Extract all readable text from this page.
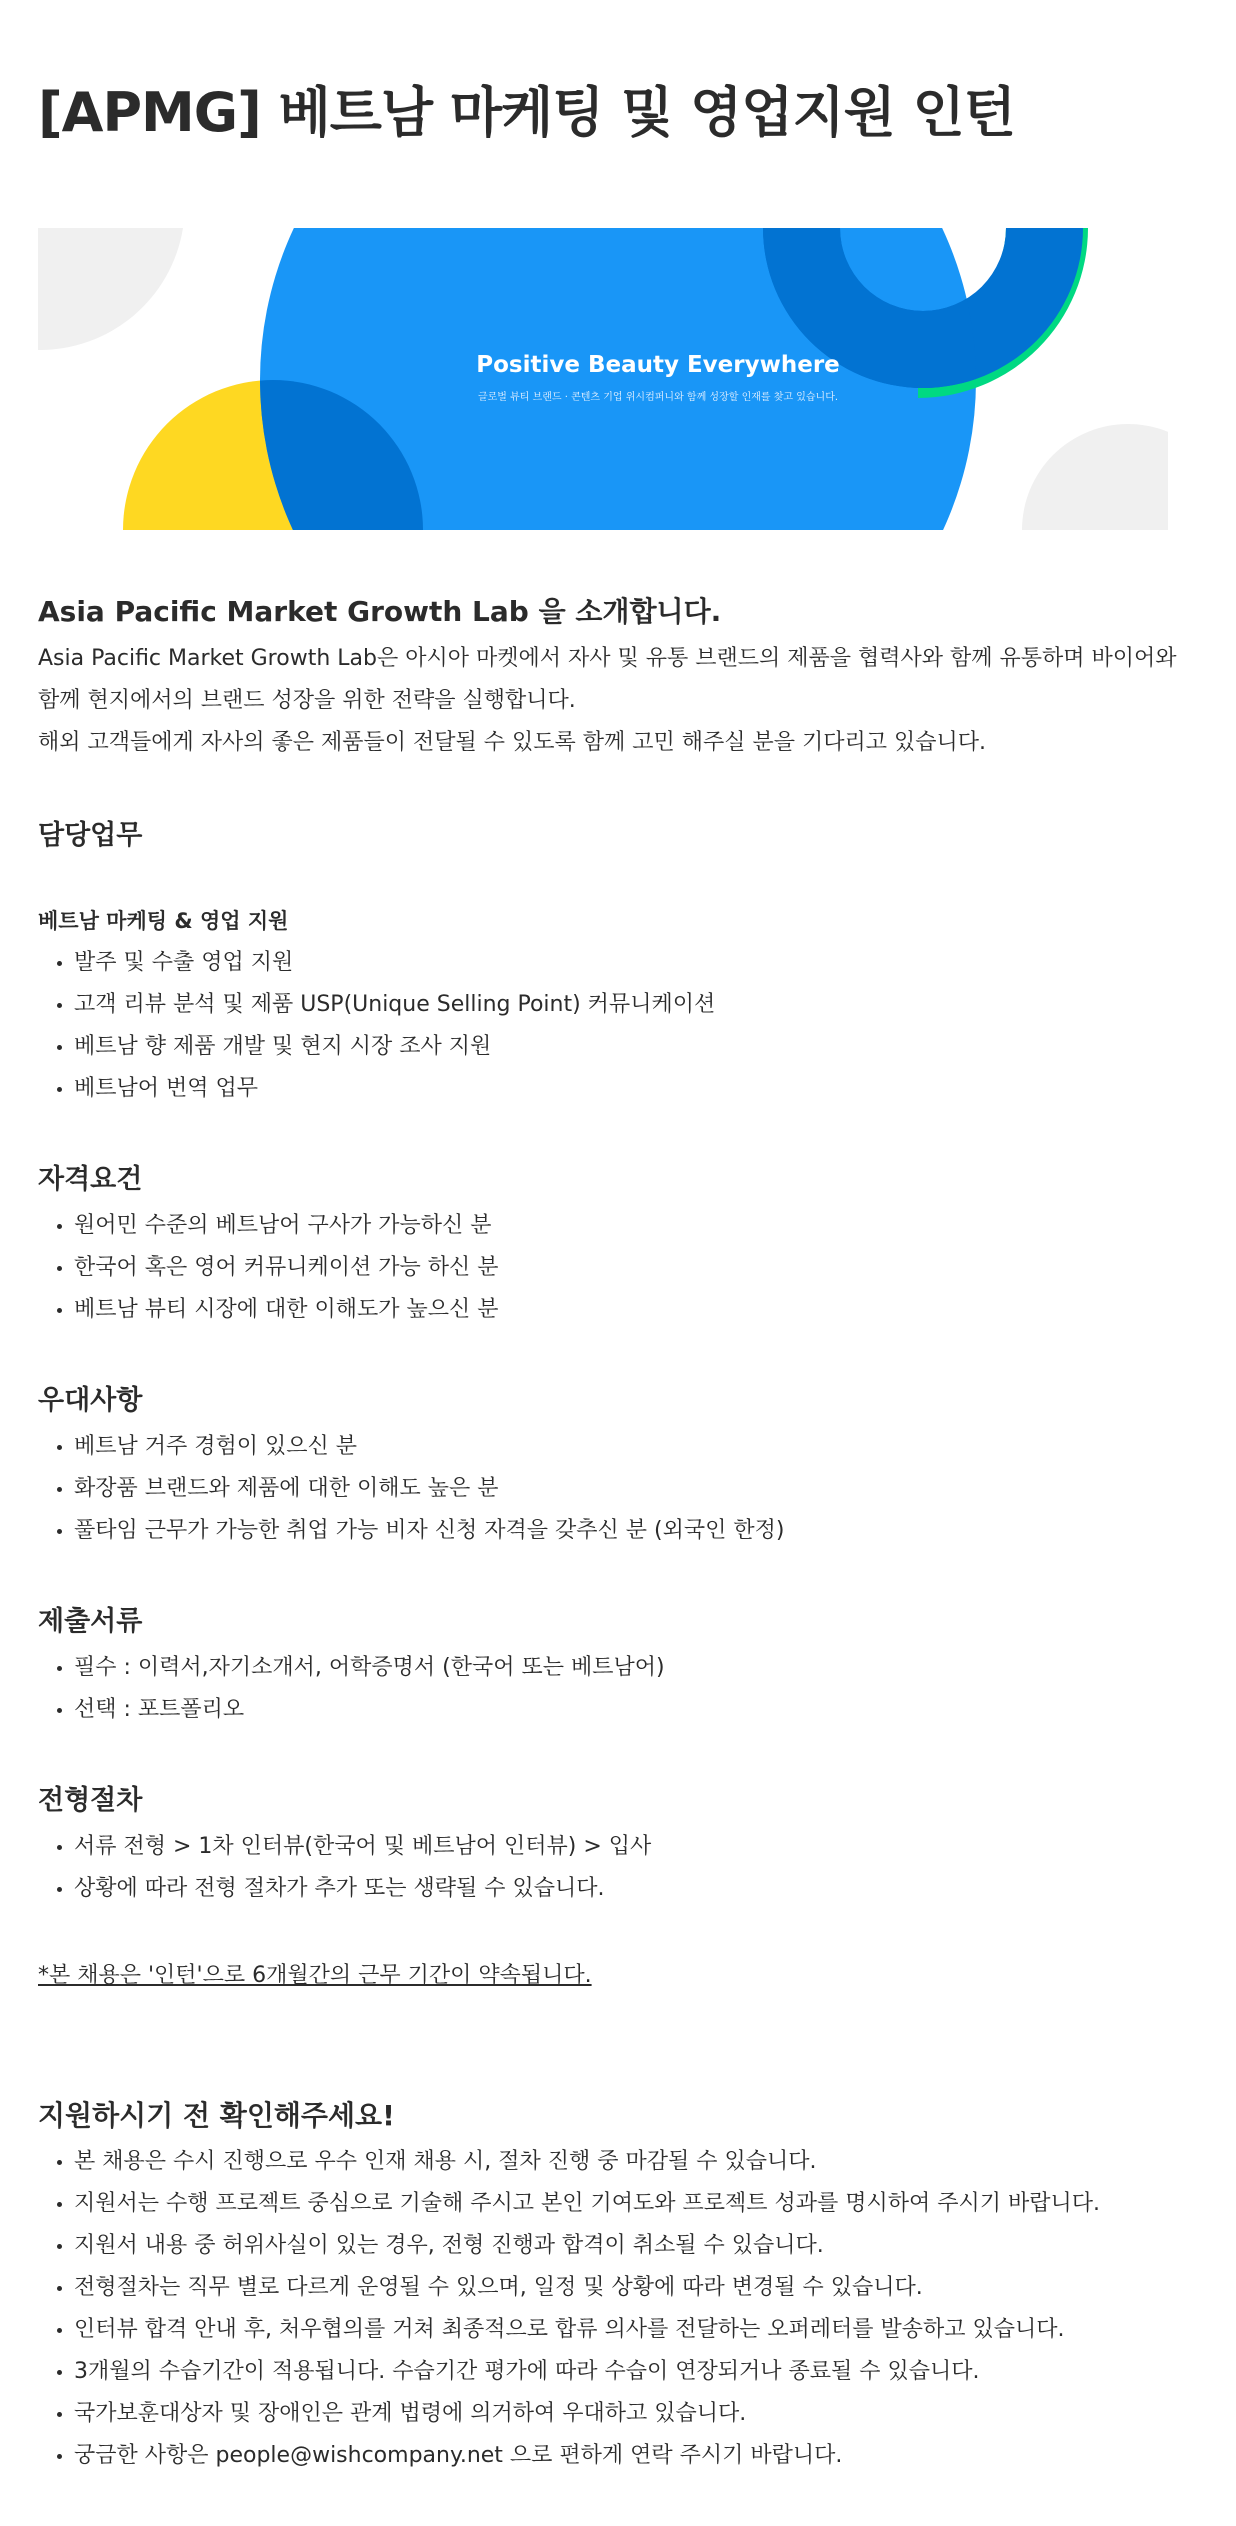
[APMG] 베트남 마케팅 및 영업지원 인턴
Positive Beauty Everywhere
글로벌 뷰티 브랜드 · 콘텐츠 기업 위시컴퍼니와 함께 성장할 인재를 찾고 있습니다.
Asia Pacific Market Growth Lab 을 소개합니다.

Asia Pacific Market Growth Lab은 아시아 마켓에서 자사 및 유통 브랜드의 제품을 협력사와 함께 유통하며 바이어와

함께 현지에서의 브랜드 성장을 위한 전략을 실행합니다.

해외 고객들에게 자사의 좋은 제품들이 전달될 수 있도록 함께 고민 해주실 분을 기다리고 있습니다.

담당업무
베트남 마케팅 & 영업 지원
발주 및 수출 영업 지원
고객 리뷰 분석 및 제품 USP(Unique Selling Point) 커뮤니케이션
베트남 향 제품 개발 및 현지 시장 조사 지원
베트남어 번역 업무
자격요건
원어민 수준의 베트남어 구사가 가능하신 분
한국어 혹은 영어 커뮤니케이션 가능 하신 분
베트남 뷰티 시장에 대한 이해도가 높으신 분
우대사항
베트남 거주 경험이 있으신 분
화장품 브랜드와 제품에 대한 이해도 높은 분
풀타임 근무가 가능한 취업 가능 비자 신청 자격을 갖추신 분 (외국인 한정)
제출서류
필수 : 이력서,자기소개서, 어학증명서 (한국어 또는 베트남어)
선택 : 포트폴리오
전형절차
서류 전형 > 1차 인터뷰(한국어 및 베트남어 인터뷰) > 입사
상황에 따라 전형 절차가 추가 또는 생략될 수 있습니다.
*본 채용은 '인턴'으로 6개월간의 근무 기간이 약속됩니다.
지원하시기 전 확인해주세요!
본 채용은 수시 진행으로 우수 인재 채용 시, 절차 진행 중 마감될 수 있습니다.
지원서는 수행 프로젝트 중심으로 기술해 주시고 본인 기여도와 프로젝트 성과를 명시하여 주시기 바랍니다.
지원서 내용 중 허위사실이 있는 경우, 전형 진행과 합격이 취소될 수 있습니다.
전형절차는 직무 별로 다르게 운영될 수 있으며, 일정 및 상황에 따라 변경될 수 있습니다.
인터뷰 합격 안내 후, 처우협의를 거쳐 최종적으로 합류 의사를 전달하는 오퍼레터를 발송하고 있습니다.
3개월의 수습기간이 적용됩니다. 수습기간 평가에 따라 수습이 연장되거나 종료될 수 있습니다.
국가보훈대상자 및 장애인은 관계 법령에 의거하여 우대하고 있습니다.
궁금한 사항은 people@wishcompany.net 으로 편하게 연락 주시기 바랍니다.
